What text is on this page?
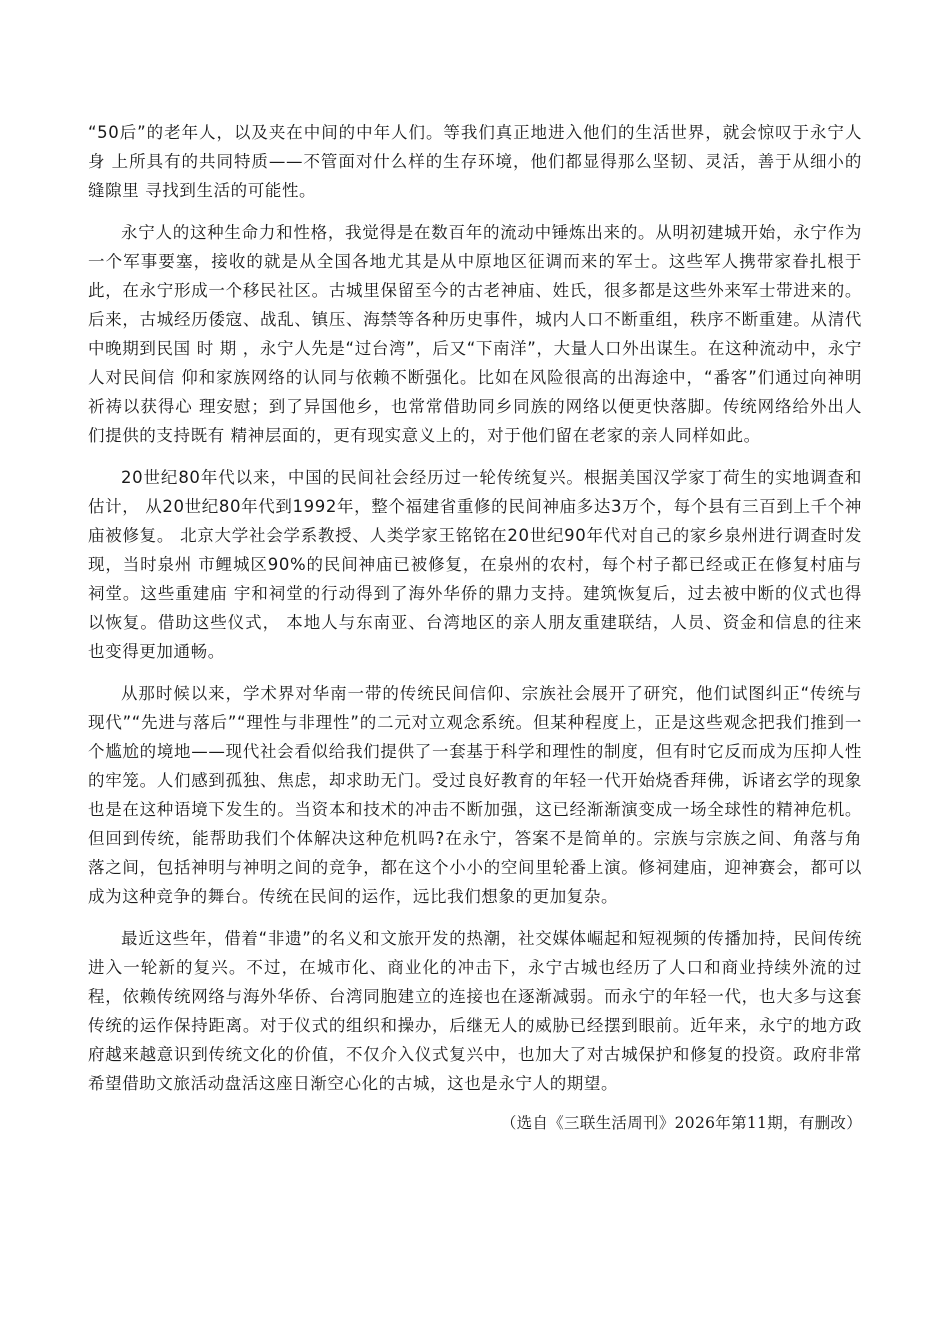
“50后”的老年人，以及夹在中间的中年人们。等我们真正地进入他们的生活世界，就会惊叹于永宁人身 上所具有的共同特质——不管面对什么样的生存环境，他们都显得那么坚韧、灵活，善于从细小的缝隙里 寻找到生活的可能性。

永宁人的这种生命力和性格，我觉得是在数百年的流动中锤炼出来的。从明初建城开始，永宁作为一个军事要塞，接收的就是从全国各地尤其是从中原地区征调而来的军士。这些军人携带家眷扎根于此，在永宁形成一个移民社区。古城里保留至今的古老神庙、姓氏，很多都是这些外来军士带进来的。后来，古城经历倭寇、战乱、镇压、海禁等各种历史事件，城内人口不断重组，秩序不断重建。从清代中晚期到民国 时 期 ，永宁人先是“过台湾”，后又“下南洋”，大量人口外出谋生。在这种流动中，永宁人对民间信 仰和家族网络的认同与依赖不断强化。比如在风险很高的出海途中，“番客”们通过向神明祈祷以获得心 理安慰；到了异国他乡，也常常借助同乡同族的网络以便更快落脚。传统网络给外出人们提供的支持既有 精神层面的，更有现实意义上的，对于他们留在老家的亲人同样如此。

20世纪80年代以来，中国的民间社会经历过一轮传统复兴。根据美国汉学家丁荷生的实地调查和估计， 从20世纪80年代到1992年，整个福建省重修的民间神庙多达3万个，每个县有三百到上千个神庙被修复。 北京大学社会学系教授、人类学家王铭铭在20世纪90年代对自己的家乡泉州进行调查时发现，当时泉州 市鲤城区90%的民间神庙已被修复，在泉州的农村，每个村子都已经或正在修复村庙与祠堂。这些重建庙 宇和祠堂的行动得到了海外华侨的鼎力支持。建筑恢复后，过去被中断的仪式也得以恢复。借助这些仪式， 本地人与东南亚、台湾地区的亲人朋友重建联结，人员、资金和信息的往来也变得更加通畅。

从那时候以来，学术界对华南一带的传统民间信仰、宗族社会展开了研究，他们试图纠正“传统与现代”“先进与落后”“理性与非理性”的二元对立观念系统。但某种程度上，正是这些观念把我们推到一个尴尬的境地——现代社会看似给我们提供了一套基于科学和理性的制度，但有时它反而成为压抑人性的牢笼。人们感到孤独、焦虑，却求助无门。受过良好教育的年轻一代开始烧香拜佛，诉诸玄学的现象也是在这种语境下发生的。当资本和技术的冲击不断加强，这已经渐渐演变成一场全球性的精神危机。但回到传统，能帮助我们个体解决这种危机吗?在永宁，答案不是简单的。宗族与宗族之间、角落与角落之间，包括神明与神明之间的竞争，都在这个小小的空间里轮番上演。修祠建庙，迎神赛会，都可以成为这种竞争的舞台。传统在民间的运作，远比我们想象的更加复杂。

最近这些年，借着“非遗”的名义和文旅开发的热潮，社交媒体崛起和短视频的传播加持，民间传统进入一轮新的复兴。不过，在城市化、商业化的冲击下，永宁古城也经历了人口和商业持续外流的过程，依赖传统网络与海外华侨、台湾同胞建立的连接也在逐渐减弱。而永宁的年轻一代，也大多与这套传统的运作保持距离。对于仪式的组织和操办，后继无人的威胁已经摆到眼前。近年来，永宁的地方政府越来越意识到传统文化的价值，不仅介入仪式复兴中，也加大了对古城保护和修复的投资。政府非常希望借助文旅活动盘活这座日渐空心化的古城，这也是永宁人的期望。

（选自《三联生活周刊》2026年第11期，有删改）
